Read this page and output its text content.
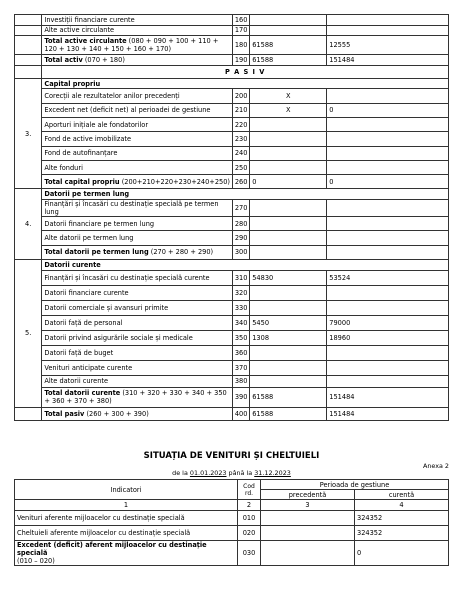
	Investiții financiare curente	160		
	Alte active circulante	170		
	Total active circulante (080 + 090 + 100 + 110 + 120 + 130 + 140 + 150 + 160 + 170)	180	61588	12555
	Total activ (070 + 180)	190	61588	151484
	P A S I V			
3.	Capital propriu			
	Corecții ale rezultatelor anilor precedenți	200	X	
	Excedent net (deficit net) al perioadei de gestiune	210	X	0
	Aporturi inițiale ale fondatorilor	220		
	Fond de active imobilizate	230		
	Fond de autofinanțare	240		
	Alte fonduri	250		
	Total capital propriu (200+210+220+230+240+250)	260	0	0
4.	Datorii pe termen lung			
	Finanțări și încasări cu destinație specială pe termen lung	270		
	Datorii financiare pe termen lung	280		
	Alte datorii pe termen lung	290		
	Total datorii pe termen lung (270 + 280 + 290)	300		
5.	Datorii curente			
	Finanțări și încasări cu destinație specială curente	310	54830	53524
	Datorii financiare curente	320		
	Datorii comerciale și avansuri primite	330		
	Datorii față de personal	340	5450	79000
	Datorii privind asigurările sociale și medicale	350	1308	18960
	Datorii față de buget	360		
	Venituri anticipate curente	370		
	Alte datorii curente	380		
	Total datorii curente (310 + 320 + 330 + 340 + 350 + 360 + 370 + 380)	390	61588	151484
	Total pasiv (260 + 300 + 390)	400	61588	151484
SITUAȚIA DE VENITURI ȘI CHELTUIELI
Anexa 2
de la 01.01.2023 până la 31.12.2023
Indicatori	Cod rd.	Perioada de gestiune	
		precedentă	curentă
1	2	3	4
Venituri aferente mijloacelor cu destinație specială	010		324352
Cheltuieli aferente mijloacelor cu destinație specială	020		324352
Excedent (deficit) aferent mijloacelor cu destinație specială
(010 – 020)	030		0
